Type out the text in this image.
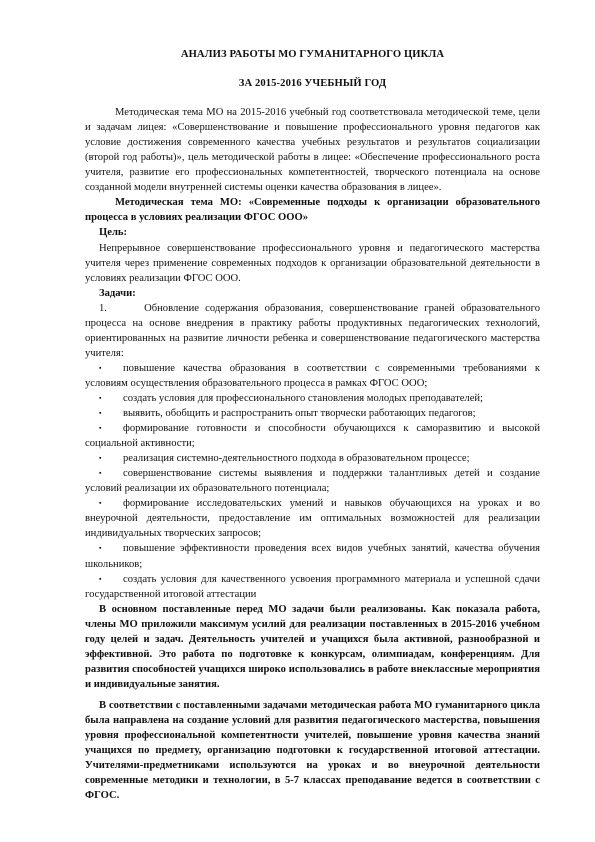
АНАЛИЗ РАБОТЫ МО ГУМАНИТАРНОГО ЦИКЛА

ЗА 2015-2016 УЧЕБНЫЙ ГОД

Методическая тема МО на 2015-2016 учебный год соответствовала методической теме, цели и задачам лицея: «Совершенствование и повышение профессионального уровня педагогов как условие достижения современного качества учебных результатов и результатов социализации (второй год работы)», цель методической работы в лицее: «Обеспечение профессионального роста учителя, развитие его профессиональных компетентностей, творческого потенциала на основе созданной модели внутренней системы оценки качества образования в лицее».

Методическая тема МО: «Современные подходы к организации образовательного процесса в условиях реализации ФГОС ООО»

Цель:

Непрерывное совершенствование профессионального уровня и педагогического мастерства учителя через применение современных подходов к организации образовательной деятельности в условиях реализации ФГОС ООО.

Задачи:

1.      Обновление содержания образования, совершенствование граней образовательного процесса на основе внедрения в практику работы продуктивных педагогических технологий, ориентированных на развитие личности ребенка и совершенствование педагогического мастерства учителя:

▪ повышение качества образования в соответствии с современными требованиями к условиям осуществления образовательного процесса в рамках ФГОС ООО;

▪ создать условия для профессионального становления молодых преподавателей;

▪ выявить, обобщить и распространить опыт творчески работающих педагогов;

▪ формирование готовности и способности обучающихся к саморазвитию и высокой социальной активности;

▪ реализация системно-деятельностного подхода в образовательном процессе;

▪ совершенствование системы выявления и поддержки талантливых детей и создание условий реализации их образовательного потенциала;

▪ формирование исследовательских умений и навыков обучающихся на уроках и во внеурочной деятельности, предоставление им оптимальных возможностей для реализации индивидуальных творческих запросов;

▪ повышение эффективности проведения всех видов учебных занятий, качества обучения школьников;

▪ создать условия для качественного усвоения программного материала и успешной сдачи государственной итоговой аттестации

В основном поставленные перед МО задачи были реализованы. Как показала работа, члены МО приложили максимум усилий для реализации поставленных в 2015-2016 учебном году целей и задач. Деятельность учителей и учащихся была активной, разнообразной и эффективной. Это работа по подготовке к конкурсам, олимпиадам, конференциям. Для развития способностей учащихся широко использовались в работе внеклассные мероприятия и индивидуальные занятия.

В соответствии с поставленными задачами методическая работа МО гуманитарного цикла была направлена на создание условий для развития педагогического мастерства, повышения уровня профессиональной компетентности учителей, повышение уровня качества знаний учащихся по предмету, организацию подготовки к государственной итоговой аттестации. Учителями-предметниками используются на уроках и во внеурочной деятельности современные методики и технологии, в 5-7 классах преподавание ведется в соответствии с ФГОС.
